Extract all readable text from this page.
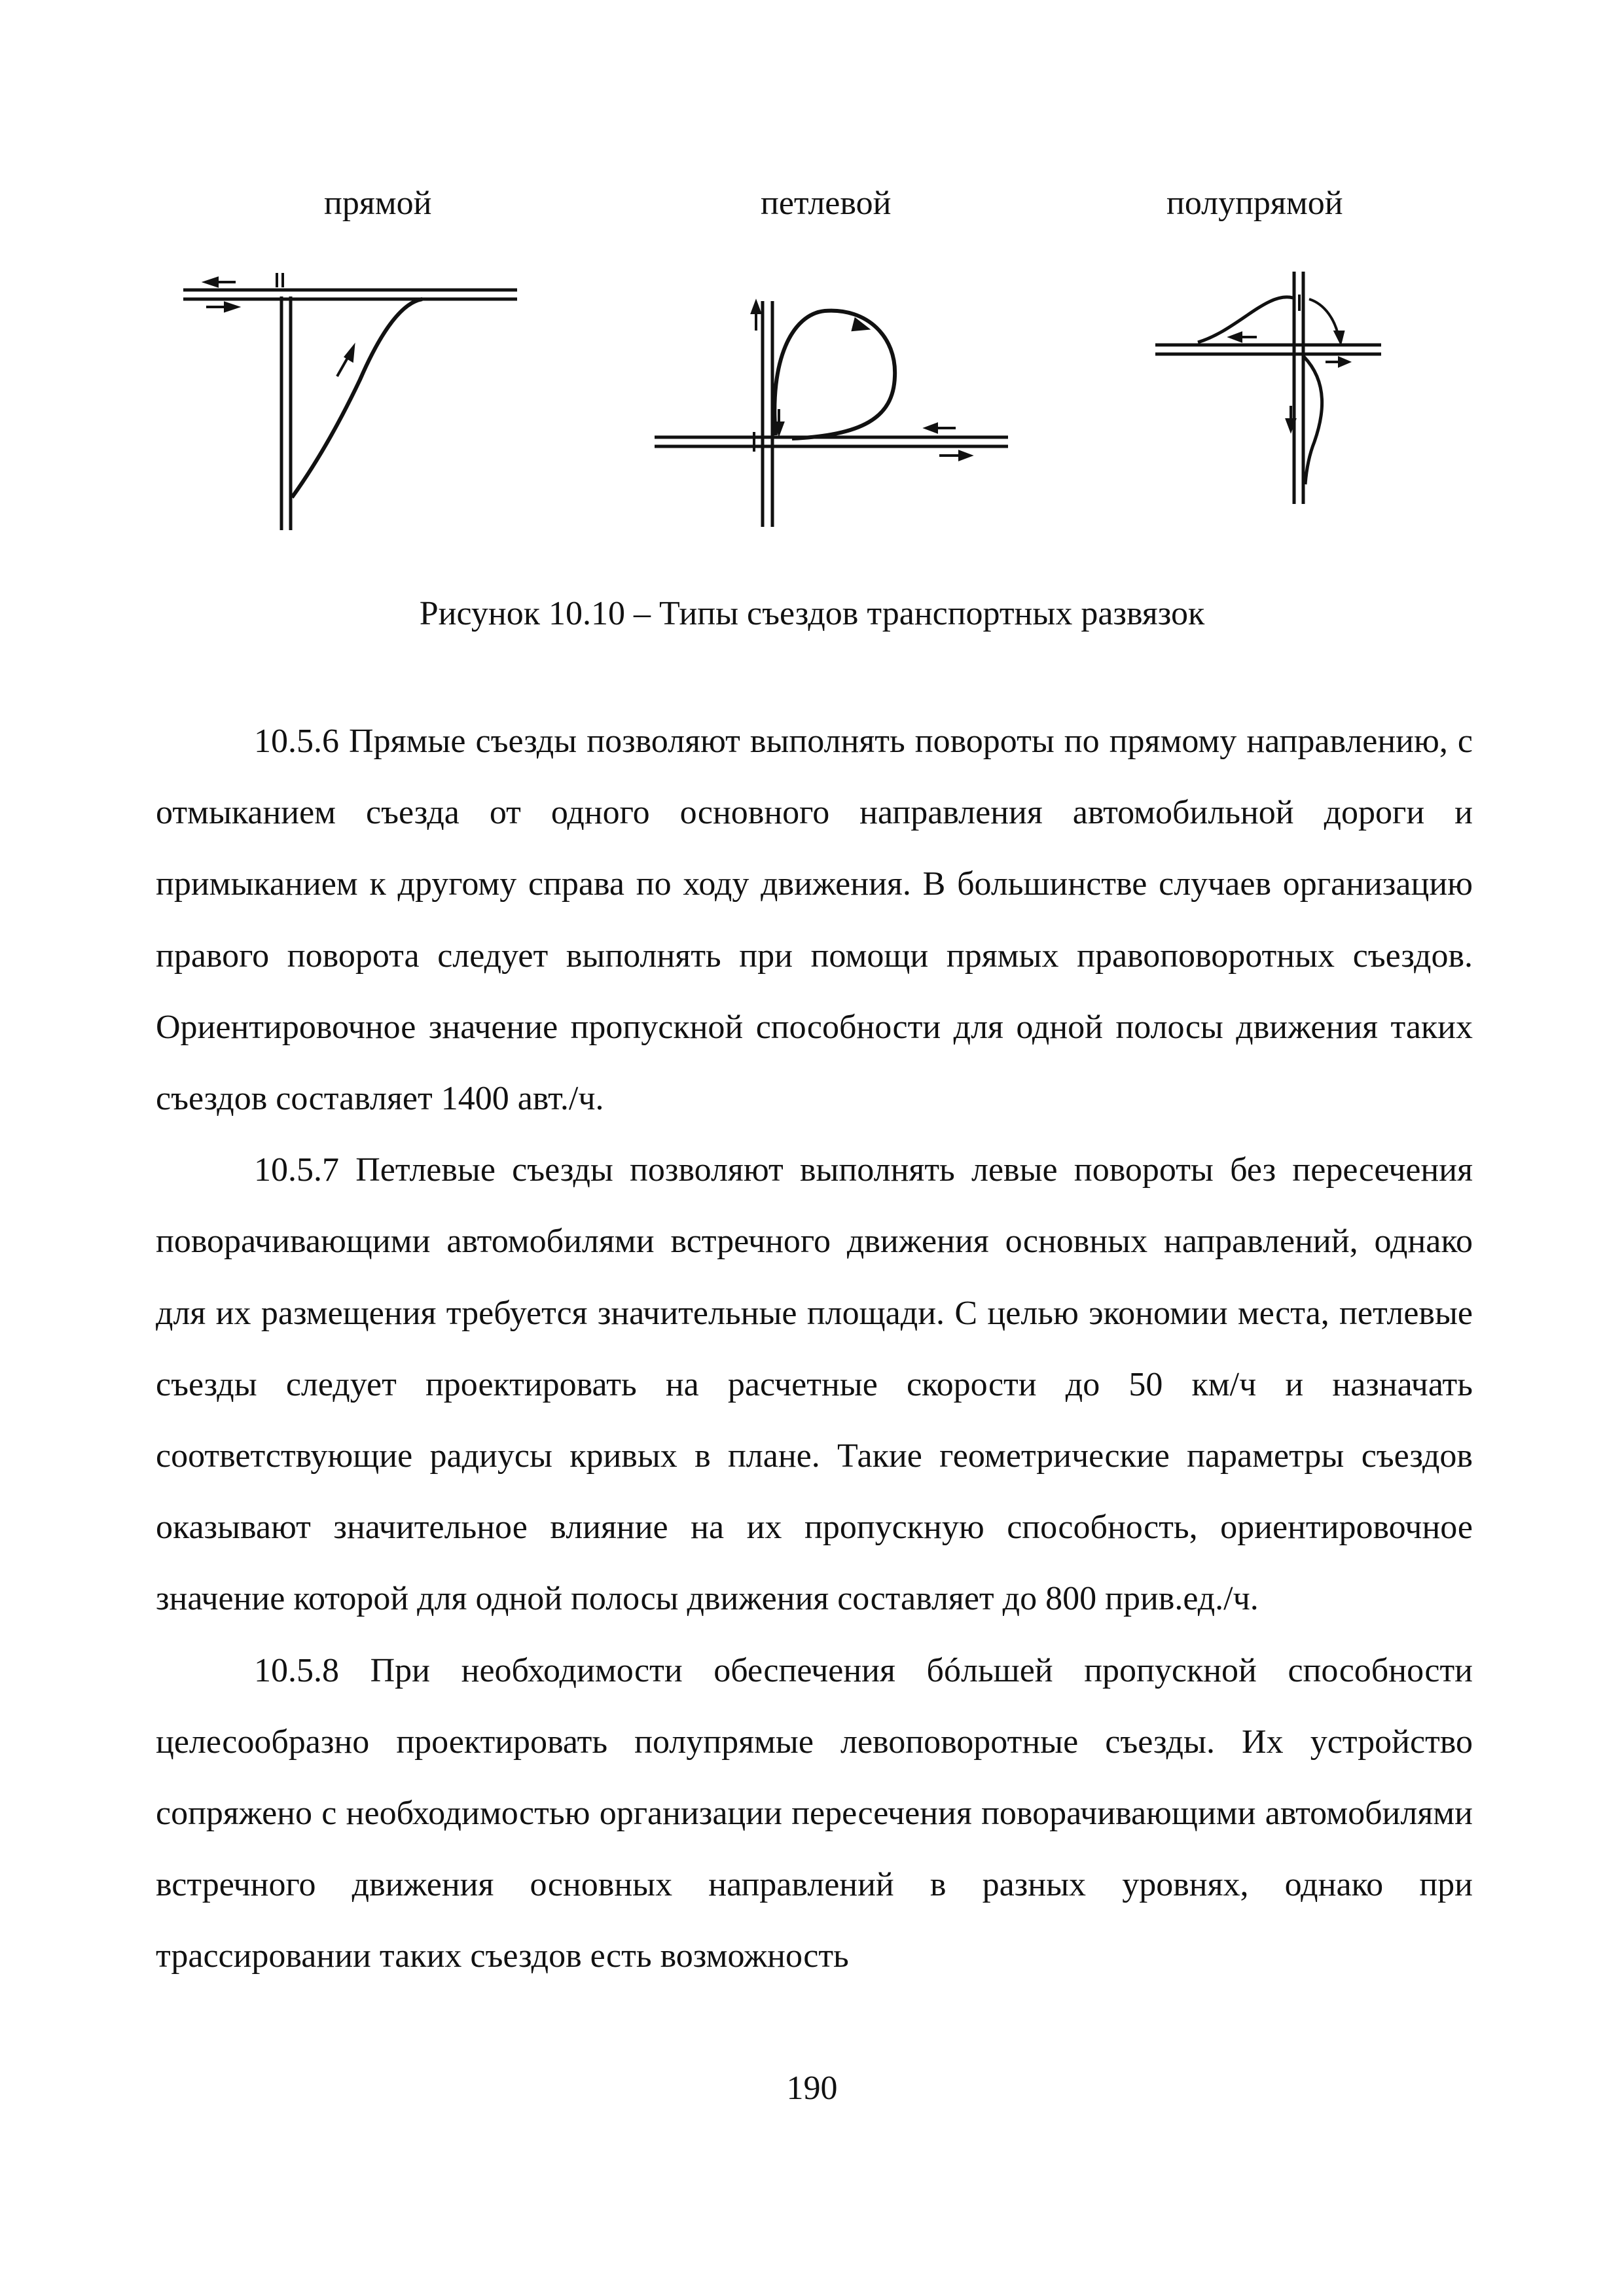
прямой	петлевой	полупрямой
Рисунок 10.10 – Типы съездов транспортных развязок

10.5.6 Прямые съезды позволяют выполнять повороты по прямому направлению, с отмыканием съезда от одного основного направления автомобильной дороги и примыканием к другому справа по ходу движения. В большинстве случаев организацию правого поворота следует выполнять при помощи прямых правоповоротных съездов. Ориентировочное значение пропускной способности для одной полосы движения таких съездов составляет 1400 авт./ч.

10.5.7 Петлевые съезды позволяют выполнять левые повороты без пересечения поворачивающими автомобилями встречного движения основных направлений, однако для их размещения требуется значительные площади. С целью экономии места, петлевые съезды следует проектировать на расчетные скорости до 50 км/ч и назначать соответствующие радиусы кривых в плане. Такие геометрические параметры съездов оказывают значительное влияние на их пропускную способность, ориентировочное значение которой для одной полосы движения составляет до 800 прив.ед./ч.

10.5.8 При необходимости обеспечения бóльшей пропускной способности целесообразно проектировать полупрямые левоповоротные съезды. Их устройство сопряжено с необходимостью организации пересечения поворачивающими автомобилями встречного движения основных направлений в разных уровнях, однако при трассировании таких съездов есть возможность

190
